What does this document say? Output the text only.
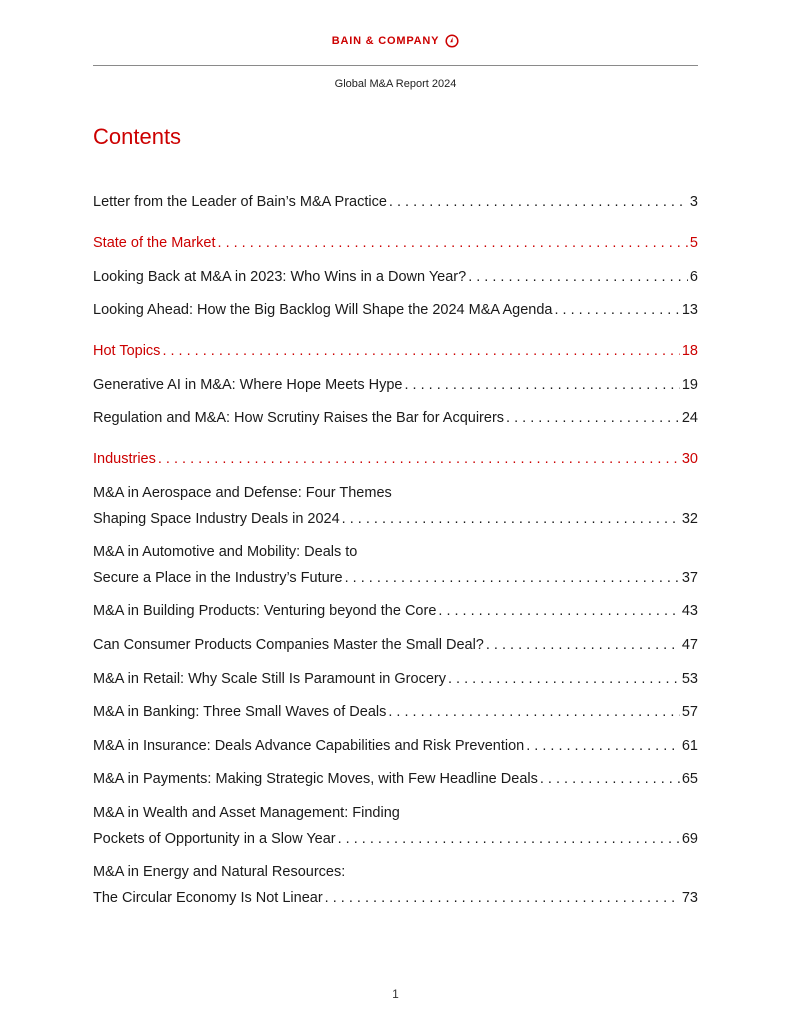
BAIN & COMPANY
Global M&A Report 2024
Contents
Letter from the Leader of Bain’s M&A Practice . . .	3
State of the Market . . .	5
Looking Back at M&A in 2023: Who Wins in a Down Year? . . .	6
Looking Ahead: How the Big Backlog Will Shape the 2024 M&A Agenda . . .	13
Hot Topics . . .	18
Generative AI in M&A: Where Hope Meets Hype . . .	19
Regulation and M&A: How Scrutiny Raises the Bar for Acquirers . . .	24
Industries . . .	30
M&A in Aerospace and Defense: Four Themes
Shaping Space Industry Deals in 2024 . . .	32
M&A in Automotive and Mobility: Deals to
Secure a Place in the Industry’s Future . . .	37
M&A in Building Products: Venturing beyond the Core . . .	43
Can Consumer Products Companies Master the Small Deal? . . .	47
M&A in Retail: Why Scale Still Is Paramount in Grocery . . .	53
M&A in Banking: Three Small Waves of Deals . . .	57
M&A in Insurance: Deals Advance Capabilities and Risk Prevention . . .	61
M&A in Payments: Making Strategic Moves, with Few Headline Deals . . .	65
M&A in Wealth and Asset Management: Finding
Pockets of Opportunity in a Slow Year . . .	69
M&A in Energy and Natural Resources:
The Circular Economy Is Not Linear . . .	73
1
